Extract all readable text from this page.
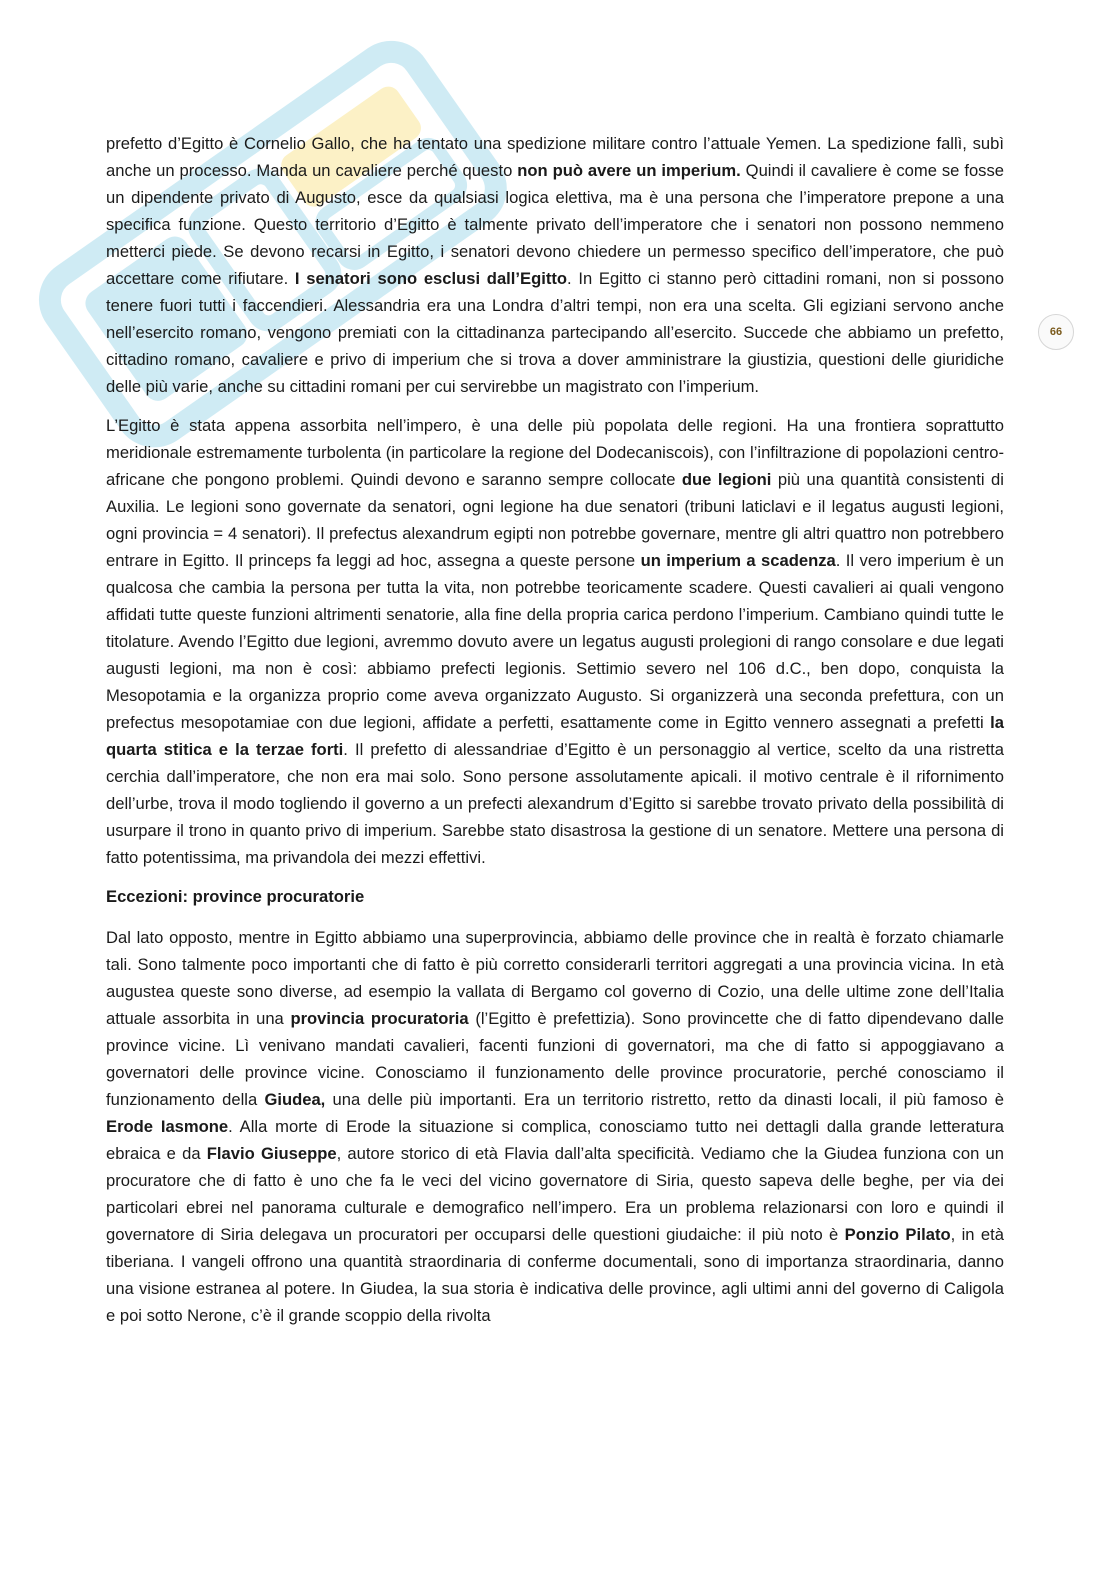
66

prefetto d’Egitto è Cornelio Gallo, che ha tentato una spedizione militare contro l’attuale Yemen. La spedizione fallì, subì anche un processo. Manda un cavaliere perché questo non può avere un imperium. Quindi il cavaliere è come se fosse un dipendente privato di Augusto, esce da qualsiasi logica elettiva, ma è una persona che l’imperatore prepone a una specifica funzione. Questo territorio d’Egitto è talmente privato dell’imperatore che i senatori non possono nemmeno metterci piede. Se devono recarsi in Egitto, i senatori devono chiedere un permesso specifico dell’imperatore, che può accettare come rifiutare. I senatori sono esclusi dall’Egitto. In Egitto ci stanno però cittadini romani, non si possono tenere fuori tutti i faccendieri. Alessandria era una Londra d’altri tempi, non era una scelta. Gli egiziani servono anche nell’esercito romano, vengono premiati con la cittadinanza partecipando all’esercito. Succede che abbiamo un prefetto, cittadino romano, cavaliere e privo di imperium che si trova a dover amministrare la giustizia, questioni delle giuridiche delle più varie, anche su cittadini romani per cui servirebbe un magistrato con l’imperium.

L’Egitto è stata appena assorbita nell’impero, è una delle più popolata delle regioni. Ha una frontiera soprattutto meridionale estremamente turbolenta (in particolare la regione del Dodecaniscois), con l’infiltrazione di popolazioni centro-africane che pongono problemi. Quindi devono e saranno sempre collocate due legioni più una quantità consistenti di Auxilia. Le legioni sono governate da senatori, ogni legione ha due senatori (tribuni laticlavi e il legatus augusti legioni, ogni provincia = 4 senatori). Il prefectus alexandrum egipti non potrebbe governare, mentre gli altri quattro non potrebbero entrare in Egitto. Il princeps fa leggi ad hoc, assegna a queste persone un imperium a scadenza. Il vero imperium è un qualcosa che cambia la persona per tutta la vita, non potrebbe teoricamente scadere. Questi cavalieri ai quali vengono affidati tutte queste funzioni altrimenti senatorie, alla fine della propria carica perdono l’imperium. Cambiano quindi tutte le titolature. Avendo l’Egitto due legioni, avremmo dovuto avere un legatus augusti prolegioni di rango consolare e due legati augusti legioni, ma non è così: abbiamo prefecti legionis. Settimio severo nel 106 d.C., ben dopo, conquista la Mesopotamia e la organizza proprio come aveva organizzato Augusto. Si organizzerà una seconda prefettura, con un prefectus mesopotamiae con due legioni, affidate a perfetti, esattamente come in Egitto vennero assegnati a prefetti la quarta stitica e la terzae forti. Il prefetto di alessandriae d’Egitto è un personaggio al vertice, scelto da una ristretta cerchia dall’imperatore, che non era mai solo. Sono persone assolutamente apicali. il motivo centrale è il rifornimento dell’urbe, trova il modo togliendo il governo a un prefecti alexandrum d’Egitto si sarebbe trovato privato della possibilità di usurpare il trono in quanto privo di imperium. Sarebbe stato disastrosa la gestione di un senatore. Mettere una persona di fatto potentissima, ma privandola dei mezzi effettivi.

Eccezioni: province procuratorie

Dal lato opposto, mentre in Egitto abbiamo una superprovincia, abbiamo delle province che in realtà è forzato chiamarle tali. Sono talmente poco importanti che di fatto è più corretto considerarli territori aggregati a una provincia vicina. In età augustea queste sono diverse, ad esempio la vallata di Bergamo col governo di Cozio, una delle ultime zone dell’Italia attuale assorbita in una provincia procuratoria (l’Egitto è prefettizia). Sono provincette che di fatto dipendevano dalle province vicine. Lì venivano mandati cavalieri, facenti funzioni di governatori, ma che di fatto si appoggiavano a governatori delle province vicine. Conosciamo il funzionamento delle province procuratorie, perché conosciamo il funzionamento della Giudea, una delle più importanti. Era un territorio ristretto, retto da dinasti locali, il più famoso è Erode Iasmone. Alla morte di Erode la situazione si complica, conosciamo tutto nei dettagli dalla grande letteratura ebraica e da Flavio Giuseppe, autore storico di età Flavia dall’alta specificità. Vediamo che la Giudea funziona con un procuratore che di fatto è uno che fa le veci del vicino governatore di Siria, questo sapeva delle beghe, per via dei particolari ebrei nel panorama culturale e demografico nell’impero. Era un problema relazionarsi con loro e quindi il governatore di Siria delegava un procuratori per occuparsi delle questioni giudaiche: il più noto è Ponzio Pilato, in età tiberiana. I vangeli offrono una quantità straordinaria di conferme documentali, sono di importanza straordinaria, danno una visione estranea al potere. In Giudea, la sua storia è indicativa delle province, agli ultimi anni del governo di Caligola e poi sotto Nerone, c’è il grande scoppio della rivolta
